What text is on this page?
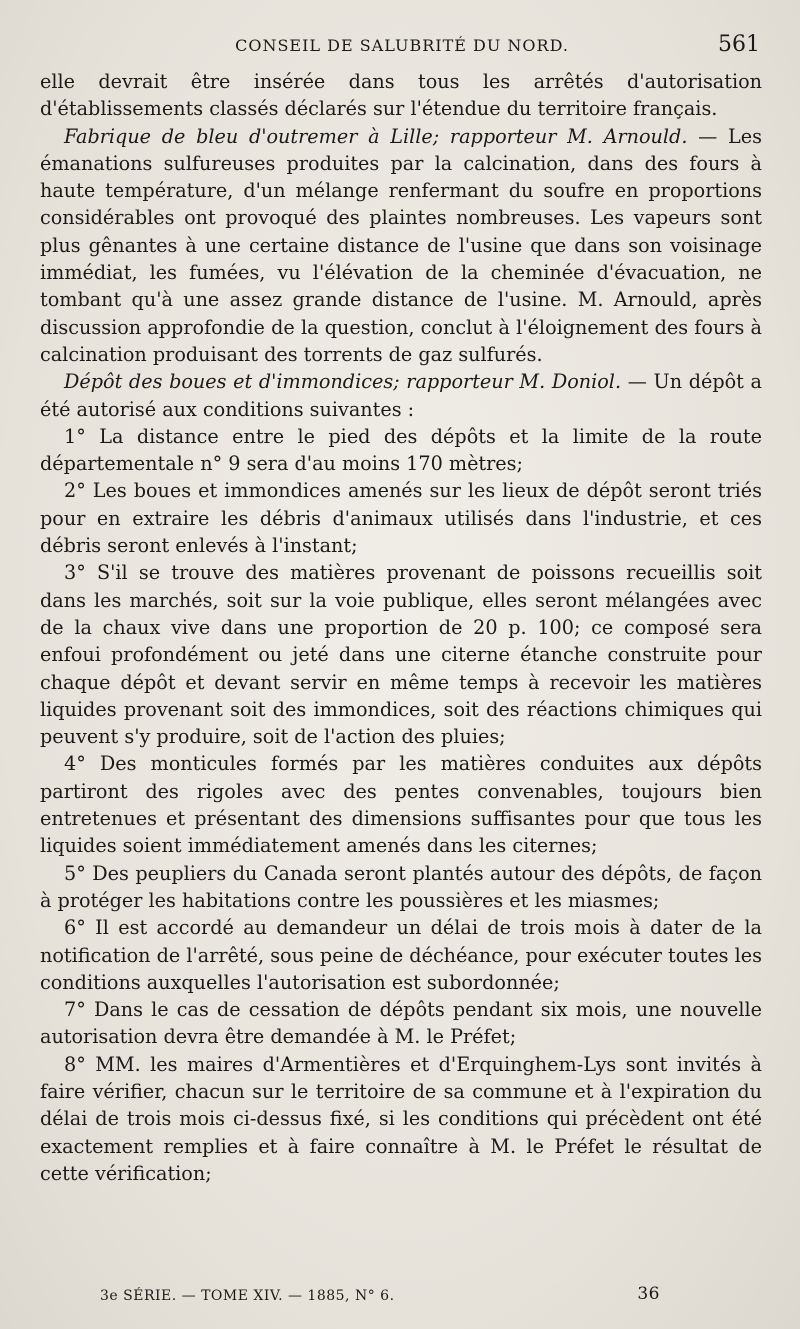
CONSEIL DE SALUBRITÉ DU NORD.	561

elle devrait être insérée dans tous les arrêtés d'autorisation d'établissements classés déclarés sur l'étendue du territoire français.

Fabrique de bleu d'outremer à Lille; rapporteur M. Arnould. — Les émanations sulfureuses produites par la calcination, dans des fours à haute température, d'un mélange renfermant du soufre en proportions considérables ont provoqué des plaintes nombreuses. Les vapeurs sont plus gênantes à une certaine distance de l'usine que dans son voisinage immédiat, les fumées, vu l'élévation de la cheminée d'évacuation, ne tombant qu'à une assez grande distance de l'usine. M. Arnould, après discussion approfondie de la question, conclut à l'éloignement des fours à calcination produisant des torrents de gaz sulfurés.

Dépôt des boues et d'immondices; rapporteur M. Doniol. — Un dépôt a été autorisé aux conditions suivantes :

1° La distance entre le pied des dépôts et la limite de la route départementale n° 9 sera d'au moins 170 mètres;

2° Les boues et immondices amenés sur les lieux de dépôt seront triés pour en extraire les débris d'animaux utilisés dans l'industrie, et ces débris seront enlevés à l'instant;

3° S'il se trouve des matières provenant de poissons recueillis soit dans les marchés, soit sur la voie publique, elles seront mélangées avec de la chaux vive dans une proportion de 20 p. 100; ce composé sera enfoui profondément ou jeté dans une citerne étanche construite pour chaque dépôt et devant servir en même temps à recevoir les matières liquides provenant soit des immondices, soit des réactions chimiques qui peuvent s'y produire, soit de l'action des pluies;

4° Des monticules formés par les matières conduites aux dépôts partiront des rigoles avec des pentes convenables, toujours bien entretenues et présentant des dimensions suffisantes pour que tous les liquides soient immédiatement amenés dans les citernes;

5° Des peupliers du Canada seront plantés autour des dépôts, de façon à protéger les habitations contre les poussières et les miasmes;

6° Il est accordé au demandeur un délai de trois mois à dater de la notification de l'arrêté, sous peine de déchéance, pour exécuter toutes les conditions auxquelles l'autorisation est subordonnée;

7° Dans le cas de cessation de dépôts pendant six mois, une nouvelle autorisation devra être demandée à M. le Préfet;

8° MM. les maires d'Armentières et d'Erquinghem-Lys sont invités à faire vérifier, chacun sur le territoire de sa commune et à l'expiration du délai de trois mois ci-dessus fixé, si les conditions qui précèdent ont été exactement remplies et à faire connaître à M. le Préfet le résultat de cette vérification;

3e SÉRIE. — TOME XIV. — 1885, N° 6.	36
